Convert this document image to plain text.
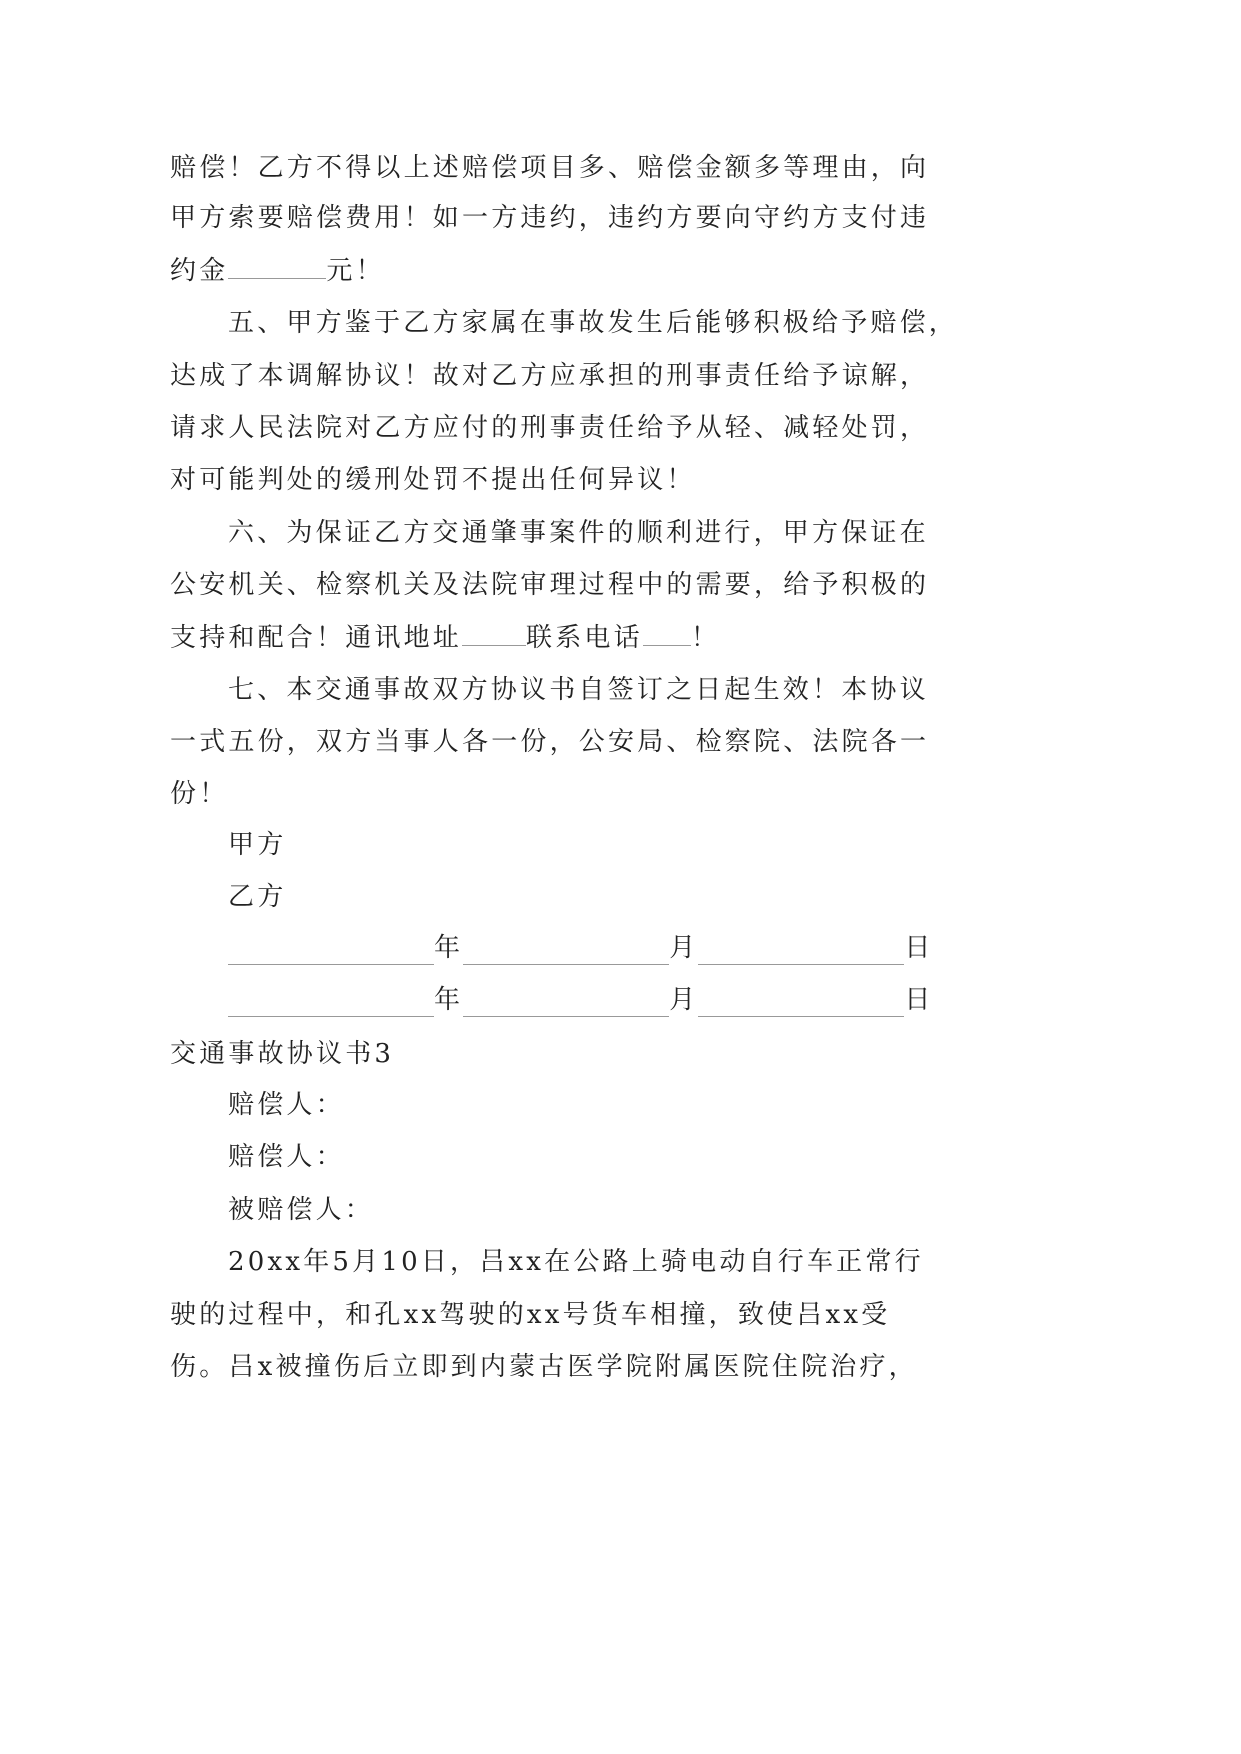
赔偿！乙方不得以上述赔偿项目多、赔偿金额多等理由，向
甲方索要赔偿费用！如一方违约，违约方要向守约方支付违
约金	元！
五、甲方鉴于乙方家属在事故发生后能够积极给予赔偿，
达成了本调解协议！故对乙方应承担的刑事责任给予谅解，
请求人民法院对乙方应付的刑事责任给予从轻、减轻处罚，
对可能判处的缓刑处罚不提出任何异议！
六、为保证乙方交通肇事案件的顺利进行，甲方保证在
公安机关、检察机关及法院审理过程中的需要，给予积极的
支持和配合！通讯地址 联系电话 ！
七、本交通事故双方协议书自签订之日起生效！本协议
一式五份，双方当事人各一份，公安局、检察院、法院各一
份！
甲方
乙方
年	月	日
年	月	日
交通事故协议书3
赔偿人：
赔偿人：
被赔偿人：
20xx年5月10日，吕xx在公路上骑电动自行车正常行
驶的过程中，和孔xx驾驶的xx号货车相撞，致使吕xx受
伤。吕x被撞伤后立即到内蒙古医学院附属医院住院治疗，
